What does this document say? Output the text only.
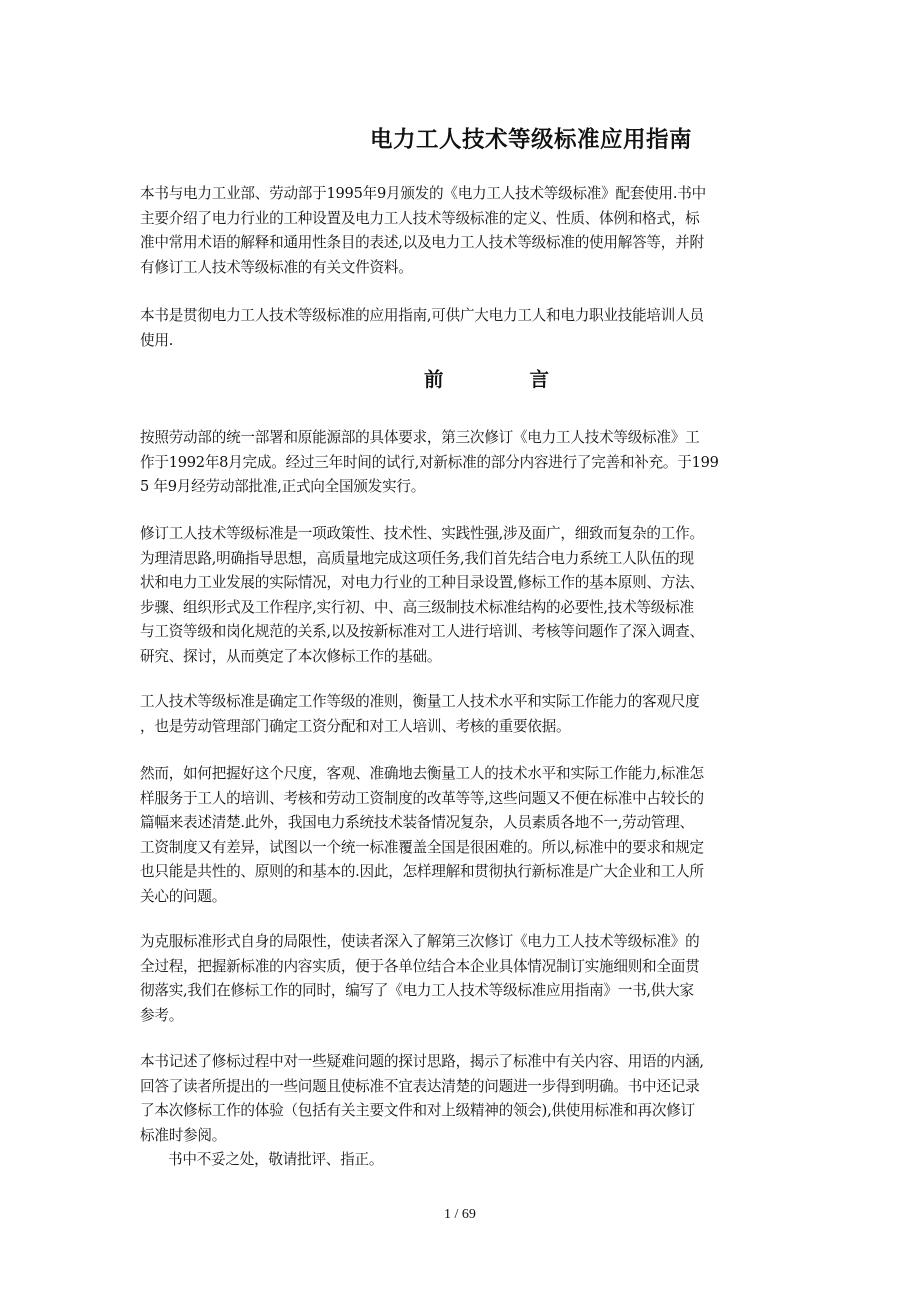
电力工人技术等级标准应用指南
本书与电力工业部、劳动部于1995年9月颁发的《电力工人技术等级标准》配套使用.书中
主要介绍了电力行业的工种设置及电力工人技术等级标准的定义、性质、体例和格式，标
准中常用术语的解释和通用性条目的表述,以及电力工人技术等级标准的使用解答等，并附
有修订工人技术等级标准的有关文件资料。
本书是贯彻电力工人技术等级标准的应用指南,可供广大电力工人和电力职业技能培训人员
使用.
前	言
按照劳动部的统一部署和原能源部的具体要求，第三次修订《电力工人技术等级标准》工
作于1992年8月完成。经过三年时间的试行,对新标准的部分内容进行了完善和补充。于199
5 年9月经劳动部批准,正式向全国颁发实行。
修订工人技术等级标准是一项政策性、技术性、实践性强,涉及面广，细致而复杂的工作。
为理清思路,明确指导思想，高质量地完成这项任务,我们首先结合电力系统工人队伍的现
状和电力工业发展的实际情况，对电力行业的工种目录设置,修标工作的基本原则、方法、
步骤、组织形式及工作程序,实行初、中、高三级制技术标准结构的必要性,技术等级标准
与工资等级和岗化规范的关系,以及按新标准对工人进行培训、考核等问题作了深入调查、
研究、探讨，从而奠定了本次修标工作的基础。
工人技术等级标准是确定工作等级的准则，衡量工人技术水平和实际工作能力的客观尺度
，也是劳动管理部门确定工资分配和对工人培训、考核的重要依据。
然而，如何把握好这个尺度，客观、准确地去衡量工人的技术水平和实际工作能力,标准怎
样服务于工人的培训、考核和劳动工资制度的改革等等,这些问题又不便在标准中占较长的
篇幅来表述清楚.此外，我国电力系统技术装备情况复杂，人员素质各地不一,劳动管理、
工资制度又有差异，试图以一个统一标准覆盖全国是很困难的。所以,标准中的要求和规定
也只能是共性的、原则的和基本的.因此，怎样理解和贯彻执行新标准是广大企业和工人所
关心的问题。
为克服标准形式自身的局限性，使读者深入了解第三次修订《电力工人技术等级标准》的
全过程，把握新标准的内容实质，便于各单位结合本企业具体情况制订实施细则和全面贯
彻落实,我们在修标工作的同时，编写了《电力工人技术等级标准应用指南》一书,供大家
参考。
本书记述了修标过程中对一些疑难问题的探讨思路，揭示了标准中有关内容、用语的内涵,
回答了读者所提出的一些问题且使标准不宜表达清楚的问题进一步得到明确。书中还记录
了本次修标工作的体验（包括有关主要文件和对上级精神的领会),供使用标准和再次修订
标准时参阅。
书中不妥之处，敬请批评、指正。
1 / 69
